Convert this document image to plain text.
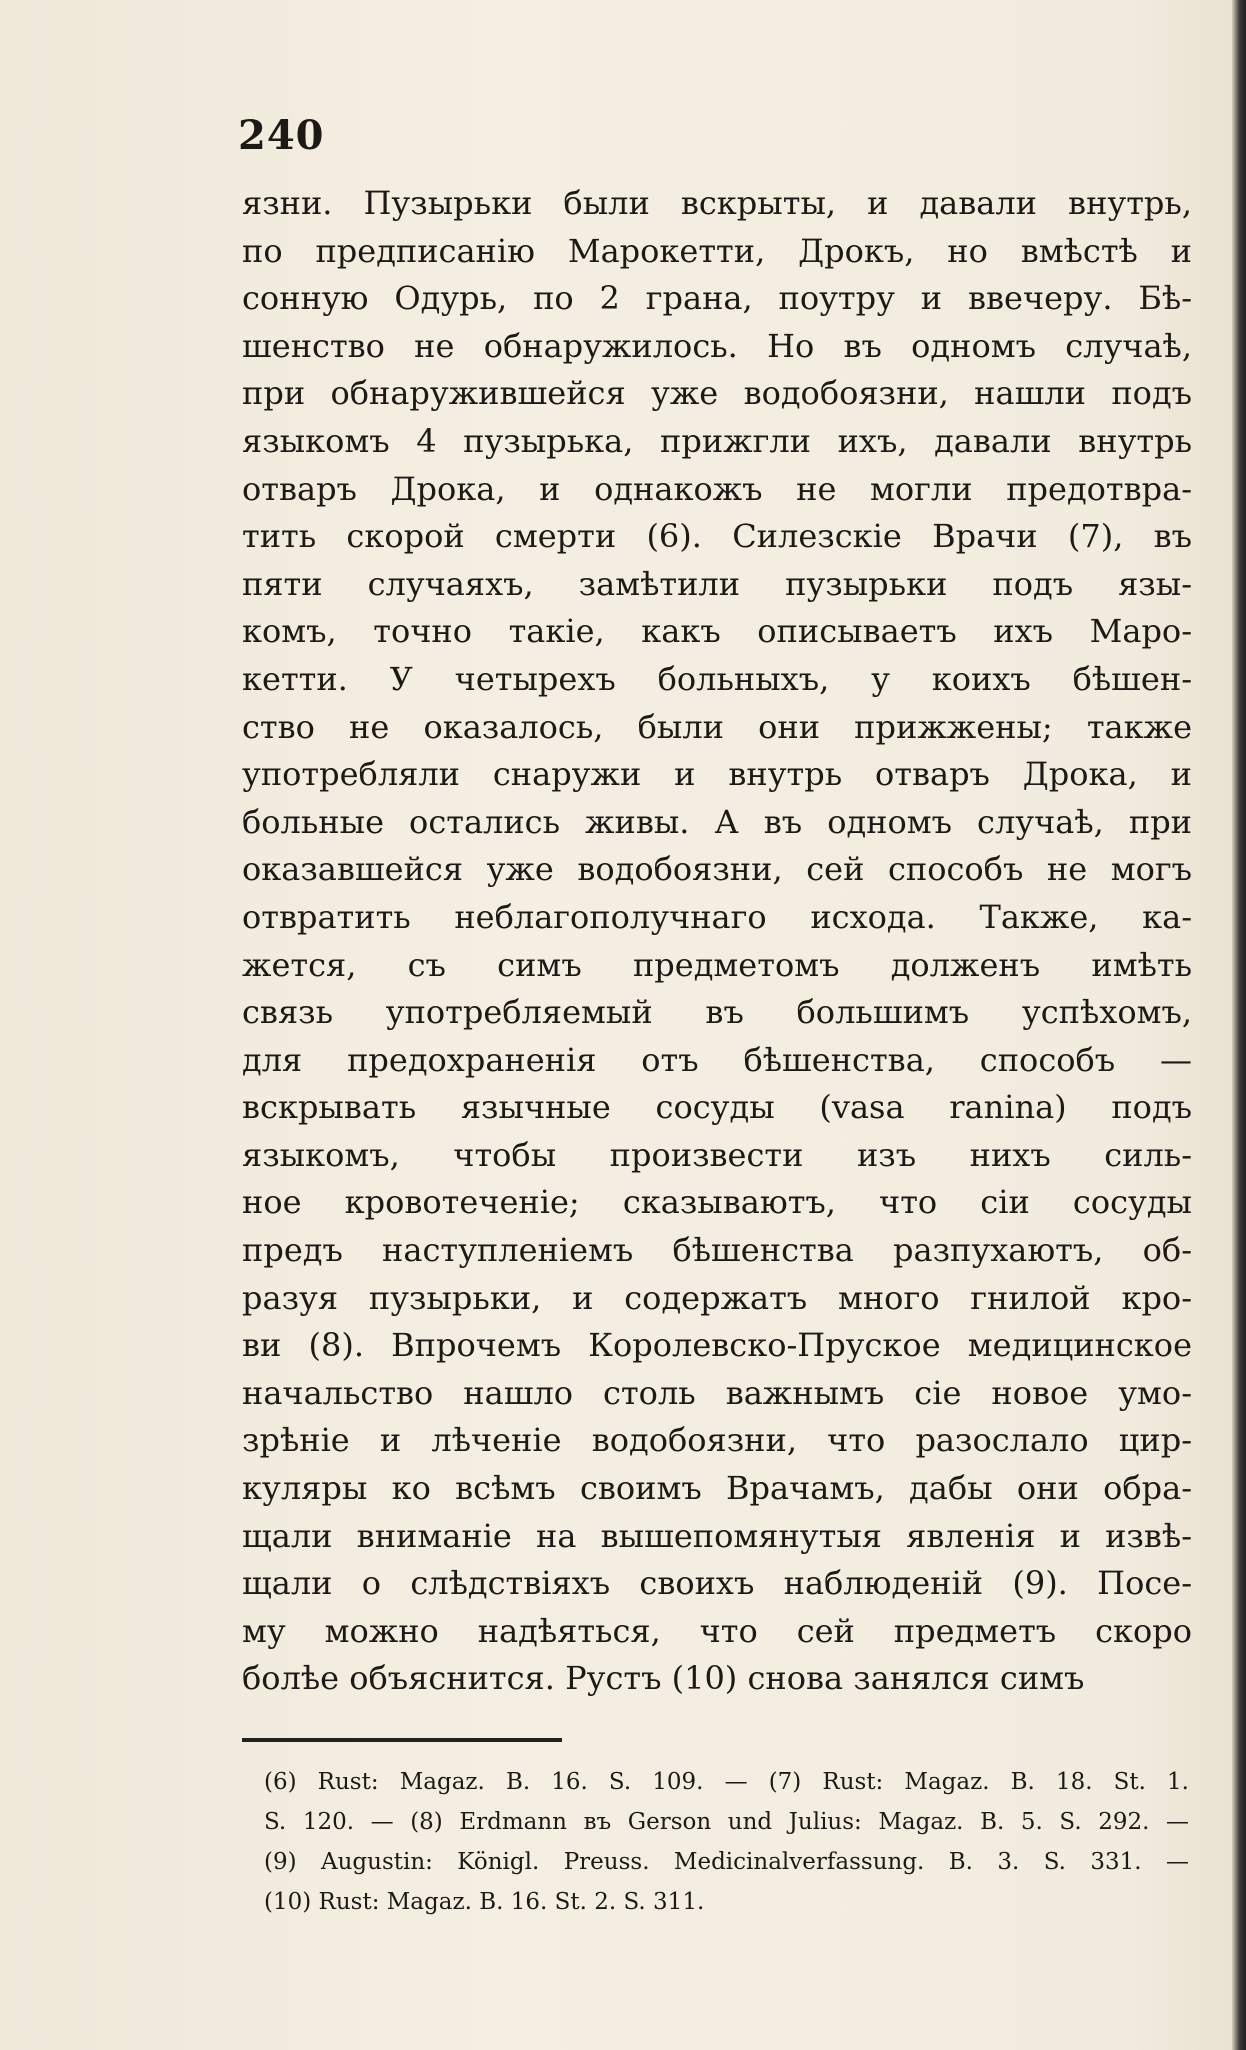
240
язни. Пузырьки были вскрыты, и давали внутрь,
по предписанію Марокетти, Дрокъ, но вмѣстѣ и
сонную Одурь, по 2 грана, поутру и ввечеру. Бѣ-
шенство не обнаружилось. Но въ одномъ случаѣ,
при обнаружившейся уже водобоязни, нашли подъ
языкомъ 4 пузырька, прижгли ихъ, давали внутрь
отваръ Дрока, и однакожъ не могли предотвра-
тить скорой смерти (6). Силезскіе Врачи (7), въ
пяти случаяхъ, замѣтили пузырьки подъ язы-
комъ, точно такіе, какъ описываетъ ихъ Маро-
кетти. У четырехъ больныхъ, у коихъ бѣшен-
ство не оказалось, были они прижжены; также
употребляли снаружи и внутрь отваръ Дрока, и
больные остались живы. А въ одномъ случаѣ, при
оказавшейся уже водобоязни, сей способъ не могъ
отвратить неблагополучнаго исхода. Также, ка-
жется, съ симъ предметомъ долженъ имѣть
связь употребляемый въ большимъ успѣхомъ,
для предохраненія отъ бѣшенства, способъ —
вскрывать язычные сосуды (vasa ranina) подъ
языкомъ, чтобы произвести изъ нихъ силь-
ное кровотеченіе; сказываютъ, что сіи сосуды
предъ наступленіемъ бѣшенства разпухаютъ, об-
разуя пузырьки, и содержатъ много гнилой кро-
ви (8). Впрочемъ Королевско-Пруское медицинское
начальство нашло столь важнымъ сіе новое умо-
зрѣніе и лѣченіе водобоязни, что разослало цир-
куляры ко всѣмъ своимъ Врачамъ, дабы они обра-
щали вниманіе на вышепомянутыя явленія и извѣ-
щали о слѣдствіяхъ своихъ наблюденій (9). Посе-
му можно надѣяться, что сей предметъ скоро
болѣе объяснится. Рустъ (10) снова занялся симъ
(6) Rust: Magaz. B. 16. S. 109. — (7) Rust: Magaz. B. 18. St. 1.
S. 120. — (8) Erdmann въ Gerson und Julius: Magaz. B. 5. S. 292. —
(9) Augustin: Königl. Preuss. Medicinalverfassung. B. 3. S. 331. —
(10) Rust: Magaz. B. 16. St. 2. S. 311.
